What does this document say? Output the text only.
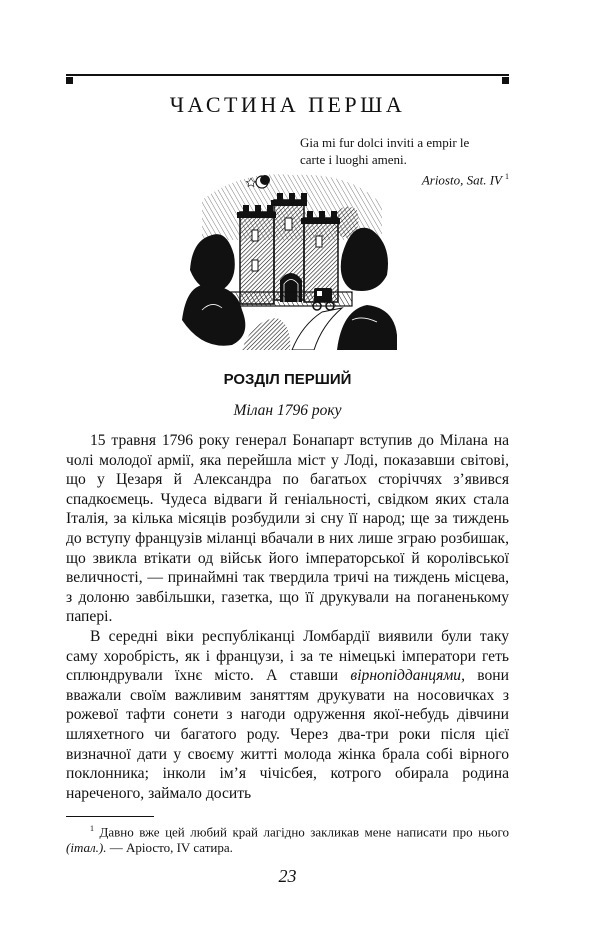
ЧАСТИНА ПЕРША
Gia mi fur dolci inviti a empir le
carte i luoghi ameni.
Ariosto, Sat. IV $^1$
РОЗДІЛ ПЕРШИЙ
Мілан 1796 року

15 травня 1796 року генерал Бонапарт вступив до Мілана на чолі молодої армії, яка перейшла міст у Лоді, показавши світові, що у Цезаря й Александра по багатьох сторіччях з’явився спадкоємець. Чудеса відваги й геніальності, свідком яких стала Італія, за кілька місяців розбудили зі сну її народ; ще за тиждень до вступу французів міланці вбачали в них лише зграю розбишак, що звикла втікати од військ його імператорської й королівської величності, — принаймні так твердила тричі на тиждень місцева, з долоню завбільшки, газетка, що її друкували на поганенькому папері.

В середні віки республіканці Ломбардії виявили були таку саму хоробрість, як і французи, і за те німецькі імператори геть сплюндрували їхнє місто. А ставши вірнопідданцями, вони вважали своїм важливим заняттям друкувати на носовичках з рожевої тафти сонети з нагоди одруження якої-небудь дівчини шляхетного чи багатого роду. Через два-три роки після цієї визначної дати у своєму житті молода жінка брала собі вірного поклонника; інколи ім’я чічісбея, котрого обирала родина нареченого, займало досить

$^1$ Давно вже цей любий край лагідно закликав мене написати про нього (італ.). — Аріосто, IV сатира.
23
